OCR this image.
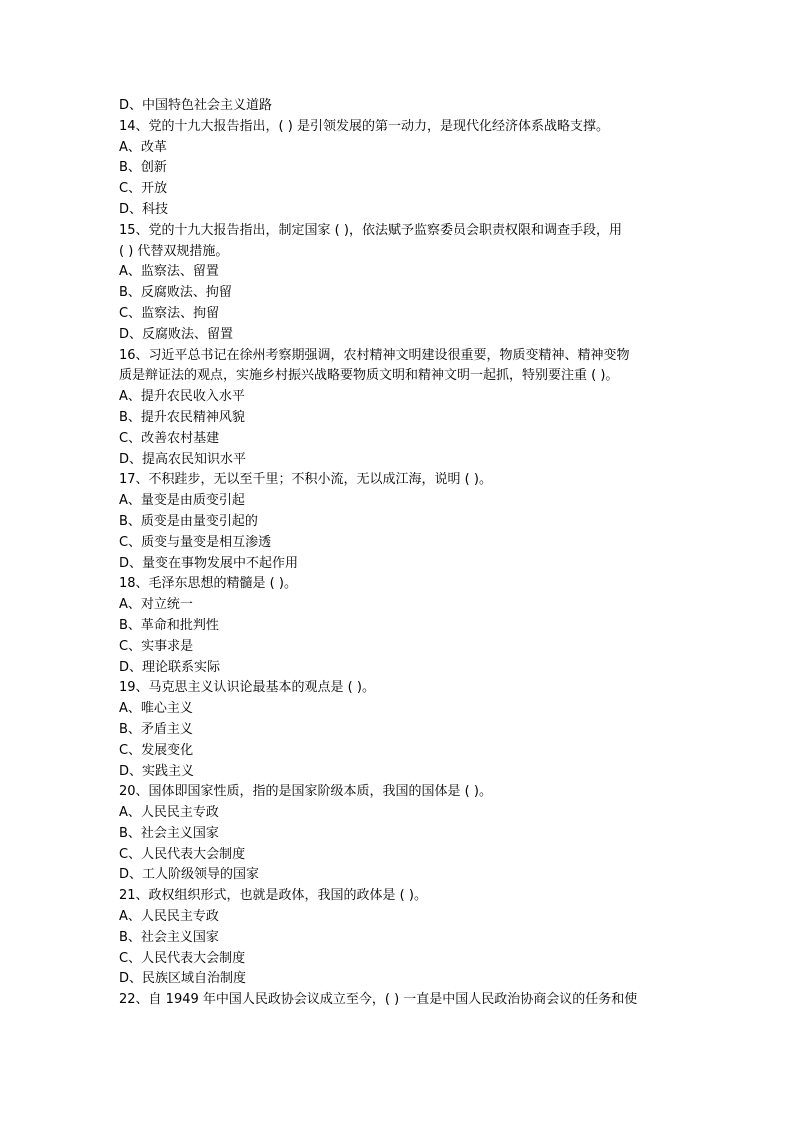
D、中国特色社会主义道路
14、党的十九大报告指出，( ) 是引领发展的第一动力，是现代化经济体系战略支撑。
A、改革
B、创新
C、开放
D、科技
15、党的十九大报告指出，制定国家 ( )，依法赋予监察委员会职责权限和调查手段，用
( ) 代替双规措施。
A、监察法、留置
B、反腐败法、拘留
C、监察法、拘留
D、反腐败法、留置
16、习近平总书记在徐州考察期强调，农村精神文明建设很重要，物质变精神、精神变物
质是辩证法的观点，实施乡村振兴战略要物质文明和精神文明一起抓，特别要注重 ( )。
A、提升农民收入水平
B、提升农民精神风貌
C、改善农村基建
D、提高农民知识水平
17、不积跬步，无以至千里；不积小流，无以成江海，说明 ( )。
A、量变是由质变引起
B、质变是由量变引起的
C、质变与量变是相互渗透
D、量变在事物发展中不起作用
18、毛泽东思想的精髓是 ( )。
A、对立统一
B、革命和批判性
C、实事求是
D、理论联系实际
19、马克思主义认识论最基本的观点是 ( )。
A、唯心主义
B、矛盾主义
C、发展变化
D、实践主义
20、国体即国家性质，指的是国家阶级本质，我国的国体是 ( )。
A、人民民主专政
B、社会主义国家
C、人民代表大会制度
D、工人阶级领导的国家
21、政权组织形式，也就是政体，我国的政体是 ( )。
A、人民民主专政
B、社会主义国家
C、人民代表大会制度
D、民族区域自治制度
22、自 1949 年中国人民政协会议成立至今，( ) 一直是中国人民政治协商会议的任务和使
